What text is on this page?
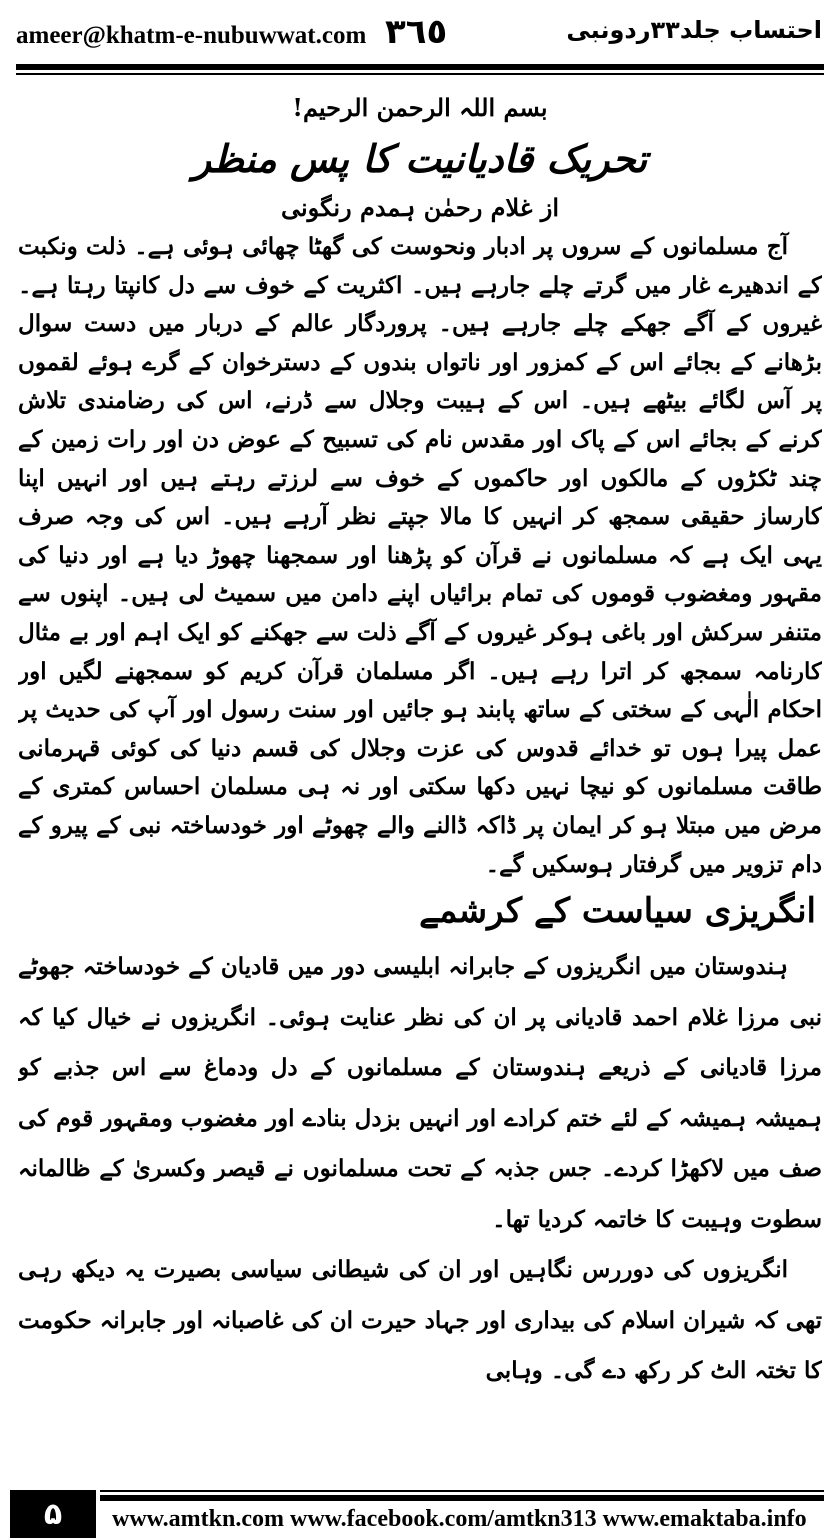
ameer@khatm-e-nubuwwat.com ٣٦٥	احتساب جلد۳۳ردونبی
بسم اللہ الرحمن الرحیم!
تحریک قادیانیت کا پس منظر
از غلام رحمٰن ہمدم رنگونی

آج مسلمانوں کے سروں پر ادبار ونحوست کی گھٹا چھائی ہوئی ہے۔ ذلت ونکبت کے اندھیرے غار میں گرتے چلے جارہے ہیں۔ اکثریت کے خوف سے دل کانپتا رہتا ہے۔ غیروں کے آگے جھکے چلے جارہے ہیں۔ پروردگار عالم کے دربار میں دست سوال بڑھانے کے بجائے اس کے کمزور اور ناتواں بندوں کے دسترخوان کے گرے ہوئے لقموں پر آس لگائے بیٹھے ہیں۔ اس کے ہیبت وجلال سے ڈرنے، اس کی رضامندی تلاش کرنے کے بجائے اس کے پاک اور مقدس نام کی تسبیح کے عوض دن اور رات زمین کے چند ٹکڑوں کے مالکوں اور حاکموں کے خوف سے لرزتے رہتے ہیں اور انہیں اپنا کارساز حقیقی سمجھ کر انہیں کا مالا جپتے نظر آرہے ہیں۔ اس کی وجہ صرف یہی ایک ہے کہ مسلمانوں نے قرآن کو پڑھنا اور سمجھنا چھوڑ دیا ہے اور دنیا کی مقہور ومغضوب قوموں کی تمام برائیاں اپنے دامن میں سمیٹ لی ہیں۔ اپنوں سے متنفر سرکش اور باغی ہوکر غیروں کے آگے ذلت سے جھکنے کو ایک اہم اور بے مثال کارنامہ سمجھ کر اترا رہے ہیں۔ اگر مسلمان قرآن کریم کو سمجھنے لگیں اور احکام الٰہی کے سختی کے ساتھ پابند ہو جائیں اور سنت رسول اور آپ کی حدیث پر عمل پیرا ہوں تو خدائے قدوس کی عزت وجلال کی قسم دنیا کی کوئی قہرمانی طاقت مسلمانوں کو نیچا نہیں دکھا سکتی اور نہ ہی مسلمان احساس کمتری کے مرض میں مبتلا ہو کر ایمان پر ڈاکہ ڈالنے والے چھوٹے اور خودساختہ نبی کے پیرو کے دام تزویر میں گرفتار ہوسکیں گے۔

انگریزی سیاست کے کرشمے

ہندوستان میں انگریزوں کے جابرانہ ابلیسی دور میں قادیان کے خودساختہ جھوٹے نبی مرزا غلام احمد قادیانی پر ان کی نظر عنایت ہوئی۔ انگریزوں نے خیال کیا کہ مرزا قادیانی کے ذریعے ہندوستان کے مسلمانوں کے دل ودماغ سے اس جذبے کو ہمیشہ ہمیشہ کے لئے ختم کرادے اور انہیں بزدل بنادے اور مغضوب ومقہور قوم کی صف میں لاکھڑا کردے۔ جس جذبہ کے تحت مسلمانوں نے قیصر وکسریٰ کے ظالمانہ سطوت وہیبت کا خاتمہ کردیا تھا۔

انگریزوں کی دوررس نگاہیں اور ان کی شیطانی سیاسی بصیرت یہ دیکھ رہی تھی کہ شیران اسلام کی بیداری اور جہاد حیرت ان کی غاصبانہ اور جابرانہ حکومت کا تختہ الٹ کر رکھ دے گی۔ وہابی

۵	www.amtkn.com www.facebook.com/amtkn313 www.emaktaba.info
